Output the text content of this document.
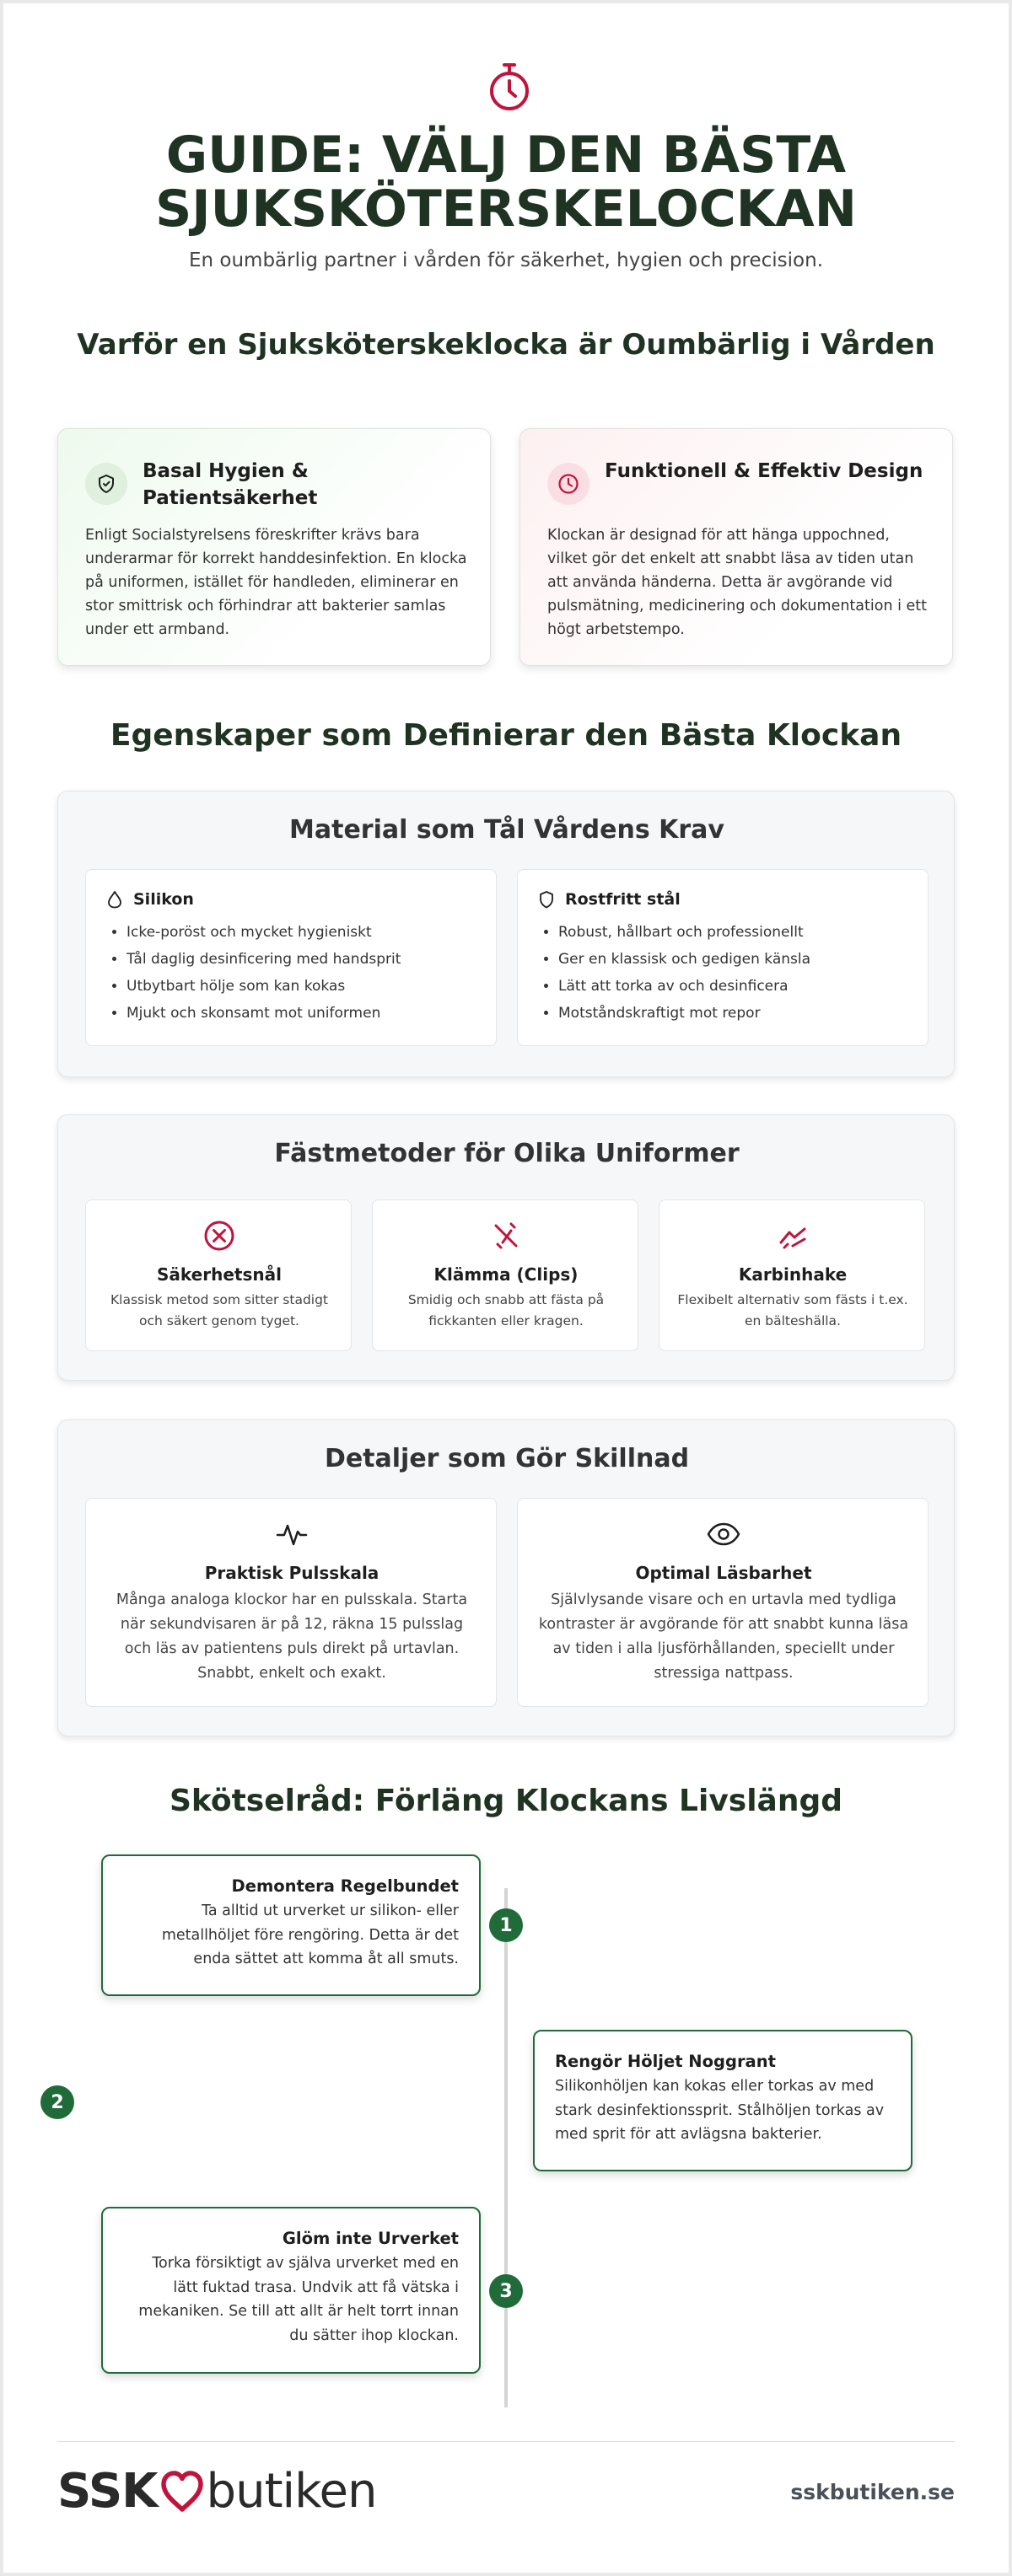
GUIDE: VÄLJ DEN BÄSTA
SJUKSKÖTERSKELOCKAN
En oumbärlig partner i vården för säkerhet, hygien och precision.
Varför en Sjuksköterskeklocka är Oumbärlig i Vården
Basal Hygien & Patientsäkerhet
Enligt Socialstyrelsens föreskrifter krävs bara underarmar för korrekt handdesinfektion. En klocka på uniformen, istället för handleden, eliminerar en stor smittrisk och förhindrar att bakterier samlas under ett armband.
Funktionell & Effektiv Design
Klockan är designad för att hänga uppochned, vilket gör det enkelt att snabbt läsa av tiden utan att använda händerna. Detta är avgörande vid pulsmätning, medicinering och dokumentation i ett högt arbetstempo.
Egenskaper som Definierar den Bästa Klockan
Material som Tål Vårdens Krav
Silikon
• Icke-poröst och mycket hygieniskt
• Tål daglig desinficering med handsprit
• Utbytbart hölje som kan kokas
• Mjukt och skonsamt mot uniformen
Rostfritt stål
• Robust, hållbart och professionellt
• Ger en klassisk och gedigen känsla
• Lätt att torka av och desinficera
• Motståndskraftigt mot repor
Fästmetoder för Olika Uniformer
Säkerhetsnål
Klassisk metod som sitter stadigt och säkert genom tyget.
Klämma (Clips)
Smidig och snabb att fästa på fickkanten eller kragen.
Karbinhake
Flexibelt alternativ som fästs i t.ex. en bälteshälla.
Detaljer som Gör Skillnad
Praktisk Pulsskala
Många analoga klockor har en pulsskala. Starta när sekundvisaren är på 12, räkna 15 pulsslag och läs av patientens puls direkt på urtavlan. Snabbt, enkelt och exakt.
Optimal Läsbarhet
Självlysande visare och en urtavla med tydliga kontraster är avgörande för att snabbt kunna läsa av tiden i alla ljusförhållanden, speciellt under stressiga nattpass.
Skötselråd: Förläng Klockans Livslängd
Demontera Regelbundet
Ta alltid ut urverket ur silikon- eller metallhöljet före rengöring. Detta är det enda sättet att komma åt all smuts.
1
Rengör Höljet Noggrant
Silikonhöljen kan kokas eller torkas av med stark desinfektionssprit. Stålhöljen torkas av med sprit för att avlägsna bakterier.
2
Glöm inte Urverket
Torka försiktigt av själva urverket med en lätt fuktad trasa. Undvik att få vätska i mekaniken. Se till att allt är helt torrt innan du sätter ihop klockan.
3
SSK butiken	sskbutiken.se
